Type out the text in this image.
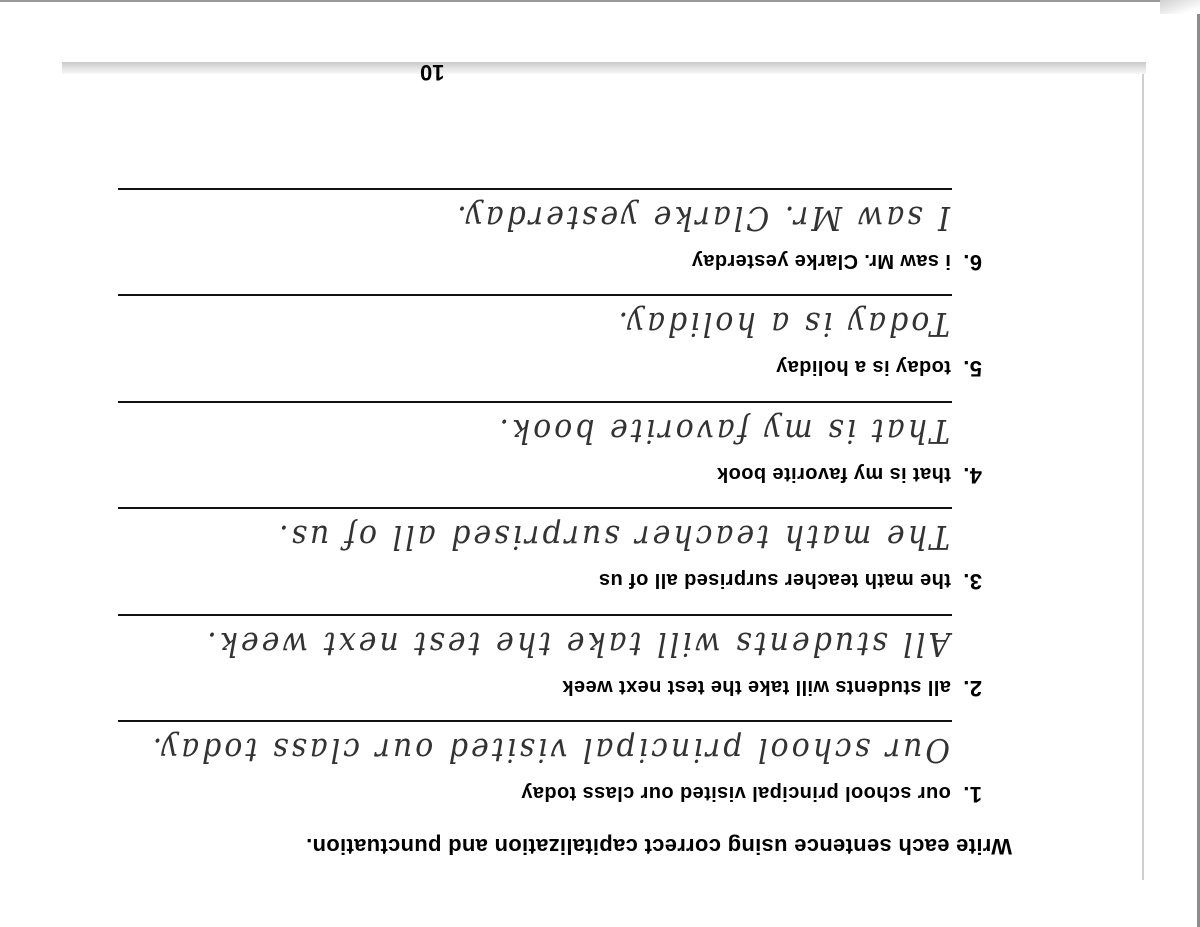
10
Write each sentence using correct capitalization and punctuation.
1. our school principal visited our class today
Our school principal visited our class today.
2. all students will take the test next week
All students will take the test next week.
3. the math teacher surprised all of us
The math teacher surprised all of us.
4. that is my favorite book
That is my favorite book.
5. today is a holiday
Today is a holiday.
6. i saw Mr. Clarke yesterday
I saw Mr. Clarke yesterday.
